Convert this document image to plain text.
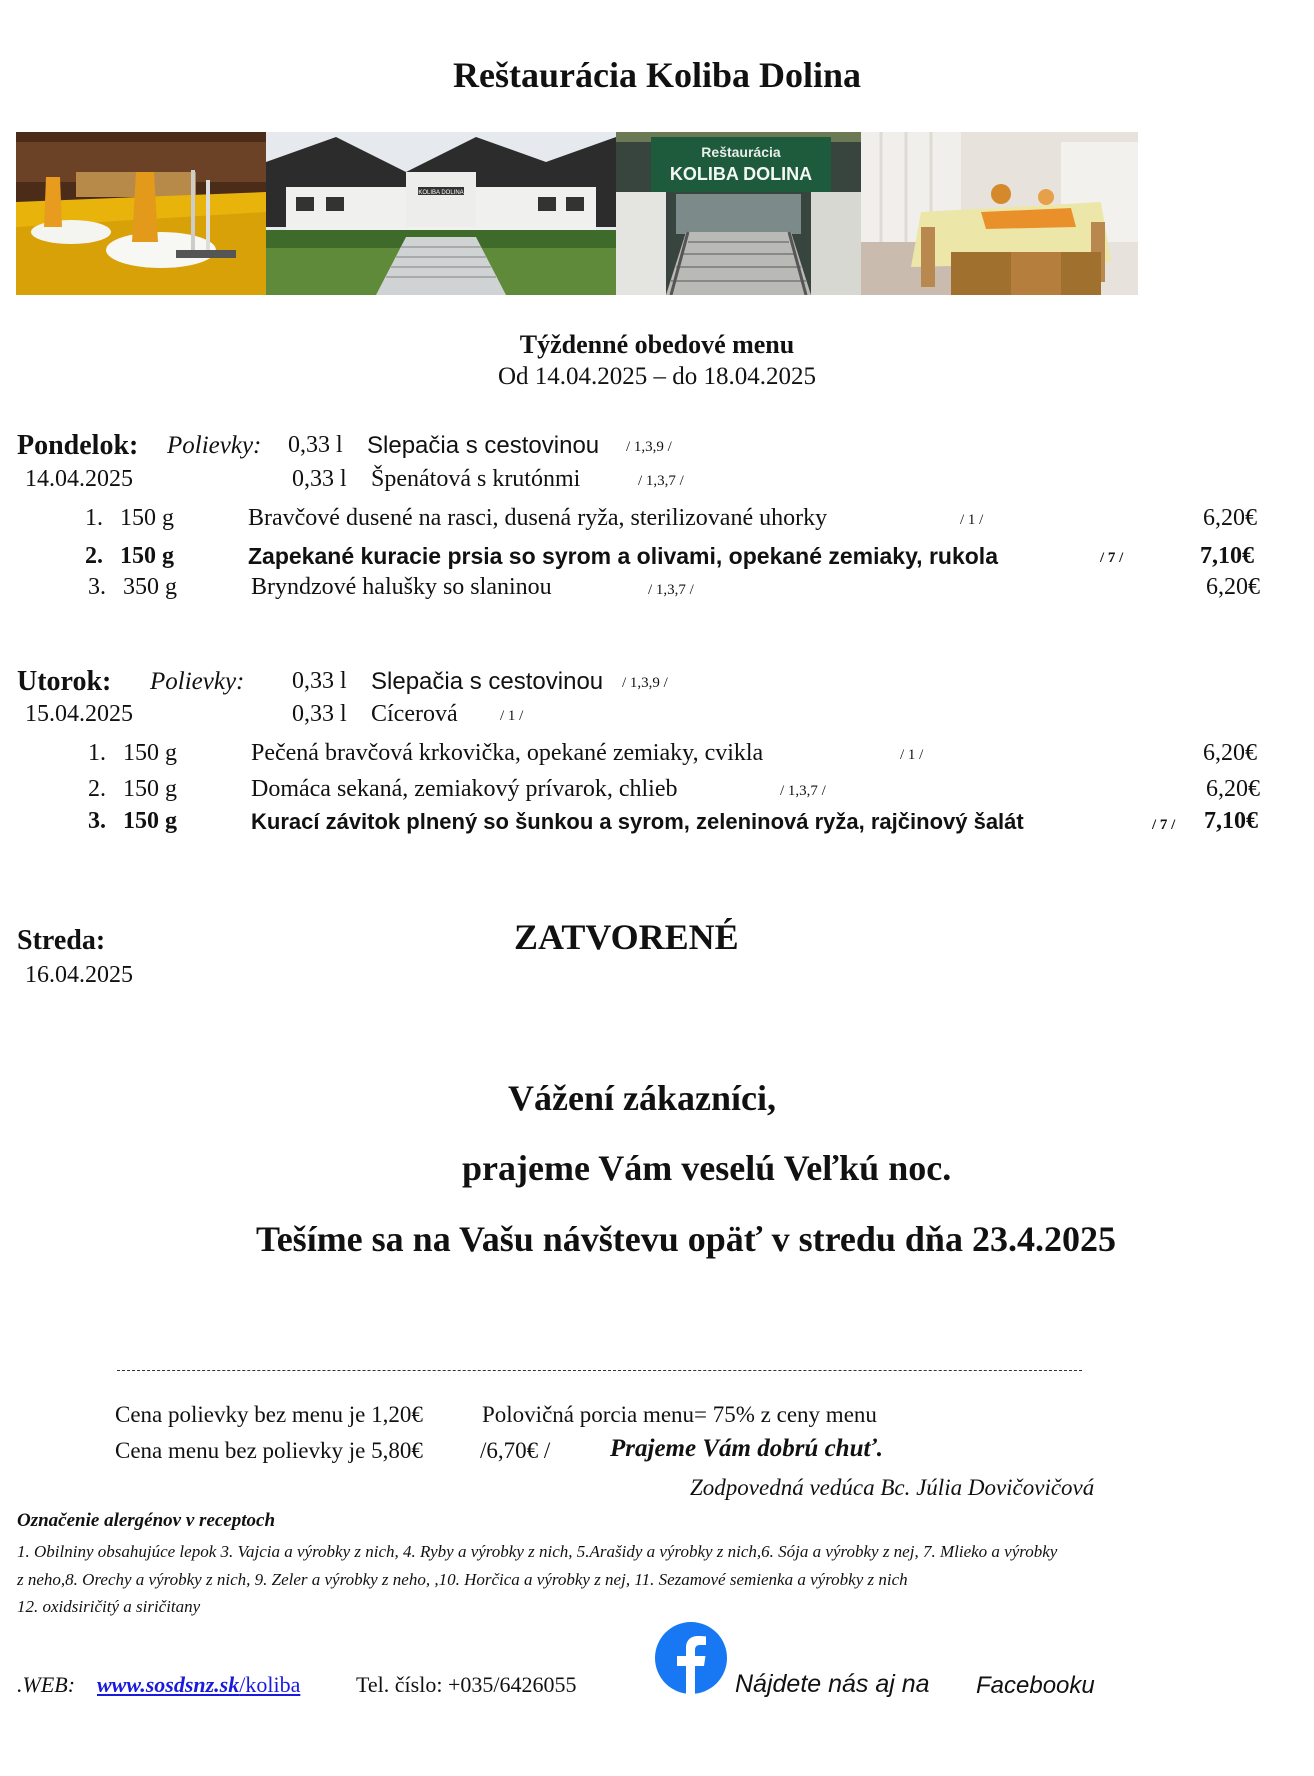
Reštaurácia Koliba Dolina
KOLIBA DOLINA
Reštaurácia
KOLIBA DOLINA
Týždenné obedové menu
Od 14.04.2025 – do 18.04.2025
Pondelok: Polievky:
14.04.2025
0,33 l Slepačia s cestovinou / 1,3,9 /
0,33 l Špenátová s krutónmi	/ 1,3,7 /
1. 150 g	Bravčové dusené na rasci, dusená ryža, sterilizované uhorky	/ 1 /	6,20€
2. 150 g	Zapekané kuracie prsia so syrom a olivami, opekané zemiaky, rukola	/ 7 /	7,10€
3. 350 g	Bryndzové halušky so slaninou	/ 1,3,7 /	6,20€
Utorok: Polievky:
15.04.2025
0,33 l Slepačia s cestovinou / 1,3,9 /
0,33 l Cícerová	/ 1 /
1. 150 g	Pečená bravčová krkovička, opekané zemiaky, cvikla	/ 1 /	6,20€
2. 150 g	Domáca sekaná, zemiakový prívarok, chlieb	/ 1,3,7 /	6,20€
3. 150 g	Kurací závitok plnený so šunkou a syrom, zeleninová ryža, rajčinový šalát	/ 7 / 7,10€
Streda:
16.04.2025
ZATVORENÉ
Vážení zákazníci,
prajeme Vám veselú Veľkú noc.
Tešíme sa na Vašu návštevu opäť v stredu dňa 23.4.2025
Cena polievky bez menu je 1,20€	Polovičná porcia menu= 75% z ceny menu
Cena menu bez polievky je 5,80€ /6,70€ / Prajeme Vám dobrú chuť.
Zodpovedná vedúca Bc. Júlia Dovičovičová
Označenie alergénov v receptoch
1. Obilniny obsahujúce lepok 3. Vajcia a výrobky z nich, 4. Ryby a výrobky z nich, 5.Arašidy a výrobky z nich,6. Sója a výrobky z nej, 7. Mlieko a výrobky
z neho,8. Orechy a výrobky z nich, 9. Zeler a výrobky z neho, ,10. Horčica a výrobky z nej, 11. Sezamové semienka a výrobky z nich
12. oxidsiričitý a siričitany
.WEB: www.sosdsnz.sk/koliba	Tel. číslo: +035/6426055	Nájdete nás aj na Facebooku
